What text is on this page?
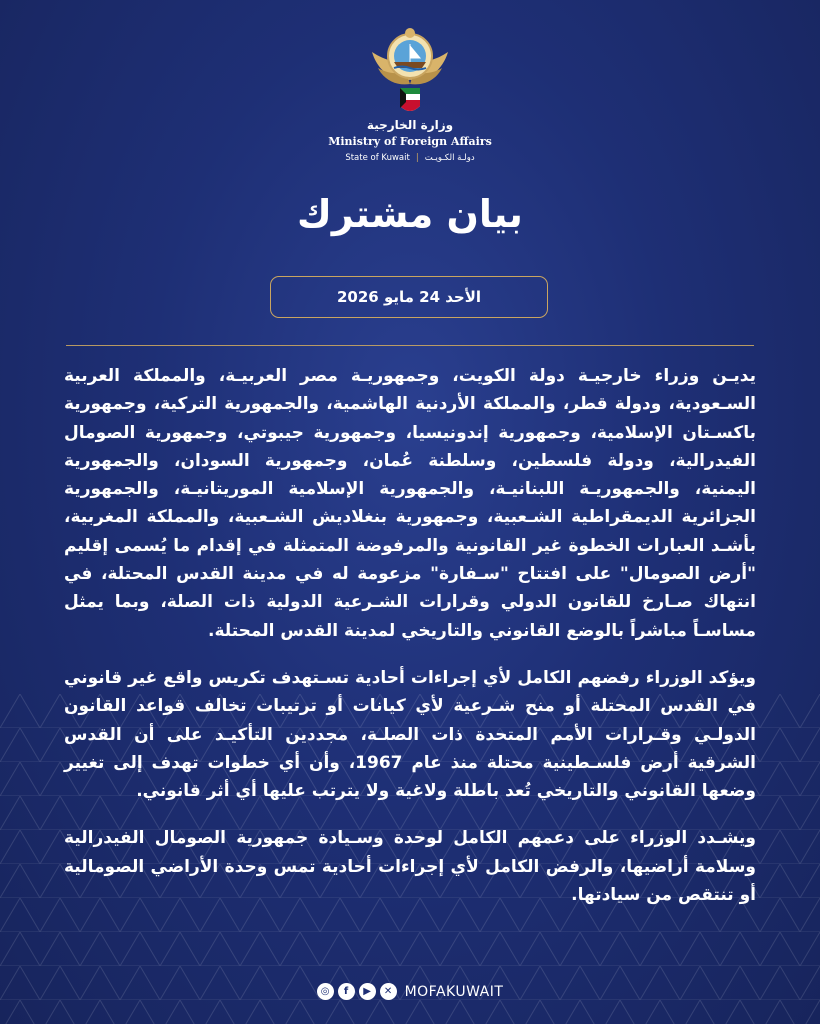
وزارة الخارجية
Ministry of Foreign Affairs
State of Kuwait | دولـة الكـويـت
بيان مشترك
الأحد 24 مايو 2026

يديـن وزراء خارجيـة دولة الكويت، وجمهوريـة مصر العربيـة، والمملكة العربية السـعودية، ودولة قطر، والمملكة الأردنية الهاشمية، والجمهورية التركية، وجمهورية باكسـتان الإسلامية، وجمهورية إندونيسيا، وجمهورية جيبوتي، وجمهورية الصومال الفيدرالية، ودولة فلسطين، وسلطنة عُمان، وجمهورية السودان، والجمهورية اليمنية، والجمهوريـة اللبنانيـة، والجمهورية الإسلامية الموريتانيـة، والجمهورية الجزائرية الديمقراطية الشـعبية، وجمهورية بنغلاديش الشـعبية، والمملكة المغربية، بأشـد العبارات الخطوة غير القانونية والمرفوضة المتمثلة في إقدام ما يُسمى إقليم "أرض الصومال" على افتتاح "سـفارة" مزعومة له في مدينة القدس المحتلة، في انتهاك صـارخ للقانون الدولي وقرارات الشـرعية الدولية ذات الصلة، وبما يمثل مساسـاً مباشراً بالوضع القانوني والتاريخي لمدينة القدس المحتلة.

ويؤكد الوزراء رفضهم الكامل لأي إجراءات أحادية تسـتهدف تكريس واقع غير قانوني في القدس المحتلة أو منح شـرعية لأي كيانات أو ترتيبات تخالف قواعد القانون الدولـي وقـرارات الأمم المتحدة ذات الصلـة، مجددين التأكيـد على أن القدس الشرقية أرض فلسـطينية محتلة منذ عام 1967، وأن أي خطوات تهدف إلى تغيير وضعها القانوني والتاريخي تُعد باطلة ولاغية ولا يترتب عليها أي أثر قانوني.

ويشـدد الوزراء على دعمهم الكامل لوحدة وسـيادة جمهورية الصومال الفيدرالية وسلامة أراضيها، والرفض الكامل لأي إجراءات أحادية تمس وحدة الأراضي الصومالية أو تنتقص من سيادتها.

◎	f	▶	✕ MOFAKUWAIT
